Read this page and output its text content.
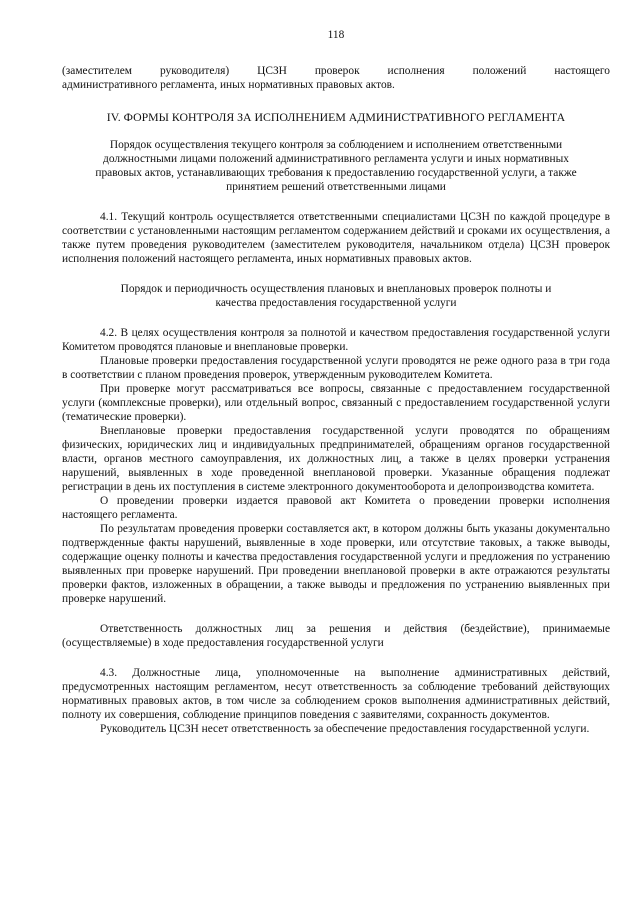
118

(заместителем руководителя) ЦСЗН проверок исполнения положений настоящего

административного регламента, иных нормативных правовых актов.

IV. ФОРМЫ КОНТРОЛЯ ЗА ИСПОЛНЕНИЕМ АДМИНИСТРАТИВНОГО РЕГЛАМЕНТА

Порядок осуществления текущего контроля за соблюдением и исполнением ответственными

должностными лицами положений административного регламента услуги и иных нормативных

правовых актов, устанавливающих требования к предоставлению государственной услуги, а также

принятием решений ответственными лицами

4.1. Текущий контроль осуществляется ответственными специалистами ЦСЗН по каждой процедуре в соответствии с установленными настоящим регламентом содержанием действий и сроками их осуществления, а также путем проведения руководителем (заместителем руководителя, начальником отдела) ЦСЗН проверок исполнения положений настоящего регламента, иных нормативных правовых актов.

Порядок и периодичность осуществления плановых и внеплановых проверок полноты и

качества предоставления государственной услуги

4.2. В целях осуществления контроля за полнотой и качеством предоставления государственной услуги Комитетом проводятся плановые и внеплановые проверки.

Плановые проверки предоставления государственной услуги проводятся не реже одного раза в три года в соответствии с планом проведения проверок, утвержденным руководителем Комитета.

При проверке могут рассматриваться все вопросы, связанные с предоставлением государственной услуги (комплексные проверки), или отдельный вопрос, связанный с предоставлением государственной услуги (тематические проверки).

Внеплановые проверки предоставления государственной услуги проводятся по обращениям физических, юридических лиц и индивидуальных предпринимателей, обращениям органов государственной власти, органов местного самоуправления, их должностных лиц, а также в целях проверки устранения нарушений, выявленных в ходе проведенной внеплановой проверки. Указанные обращения подлежат регистрации в день их поступления в системе электронного документооборота и делопроизводства комитета.

О проведении проверки издается правовой акт Комитета о проведении проверки исполнения настоящего регламента.

По результатам проведения проверки составляется акт, в котором должны быть указаны документально подтвержденные факты нарушений, выявленные в ходе проверки, или отсутствие таковых, а также выводы, содержащие оценку полноты и качества предоставления государственной услуги и предложения по устранению выявленных при проверке нарушений. При проведении внеплановой проверки в акте отражаются результаты проверки фактов, изложенных в обращении, а также выводы и предложения по устранению выявленных при проверке нарушений.

Ответственность должностных лиц за решения и действия (бездействие), принимаемые

(осуществляемые) в ходе предоставления государственной услуги

4.3. Должностные лица, уполномоченные на выполнение административных действий, предусмотренных настоящим регламентом, несут ответственность за соблюдение требований действующих нормативных правовых актов, в том числе за соблюдением сроков выполнения административных действий, полноту их совершения, соблюдение принципов поведения с заявителями, сохранность документов.

Руководитель ЦСЗН несет ответственность за обеспечение предоставления государственной услуги.
